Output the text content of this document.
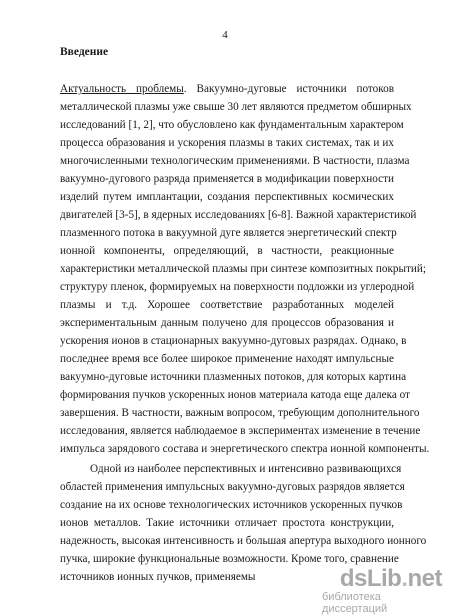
4
Введение
Актуальность проблемы. Вакуумно-дуговые источники потоков
металлической плазмы уже свыше 30 лет являются предметом обширных
исследований [1, 2], что обусловлено как фундаментальным характером
процесса образования и ускорения плазмы в таких системах, так и их
многочисленными технологическим применениями. В частности, плазма
вакуумно-дугового разряда применяется в модификации поверхности
изделий путем имплантации, создания перспективных космических
двигателей [3-5], в ядерных исследованиях [6-8]. Важной характеристикой
плазменного потока в вакуумной дуге является энергетический спектр
ионной компоненты, определяющий, в частности, реакционные
характеристики металлической плазмы при синтезе композитных покрытий;
структуру пленок, формируемых на поверхности подложки из углеродной
плазмы и т.д. Хорошее соответствие разработанных моделей
экспериментальным данным получено для процессов образования и
ускорения ионов в стационарных вакуумно-дуговых разрядах. Однако, в
последнее время все более широкое применение находят импульсные
вакуумно-дуговые источники плазменных потоков, для которых картина
формирования пучков ускоренных ионов материала катода еще далека от
завершения. В частности, важным вопросом, требующим дополнительного
исследования, является наблюдаемое в экспериментах изменение в течение
импульса зарядового состава и энергетического спектра ионной компоненты.
Одной из наиболее перспективных и интенсивно развивающихся
областей применения импульсных вакуумно-дуговых разрядов является
создание на их основе технологических источников ускоренных пучков
ионов металлов. Такие источники отличает простота конструкции,
надежность, высокая интенсивность и большая апертура выходного ионного
пучка, широкие функциональные возможности. Кроме того, сравнение
источников ионных пучков, применяемы	dsLib.net
библиотека диссертаций
